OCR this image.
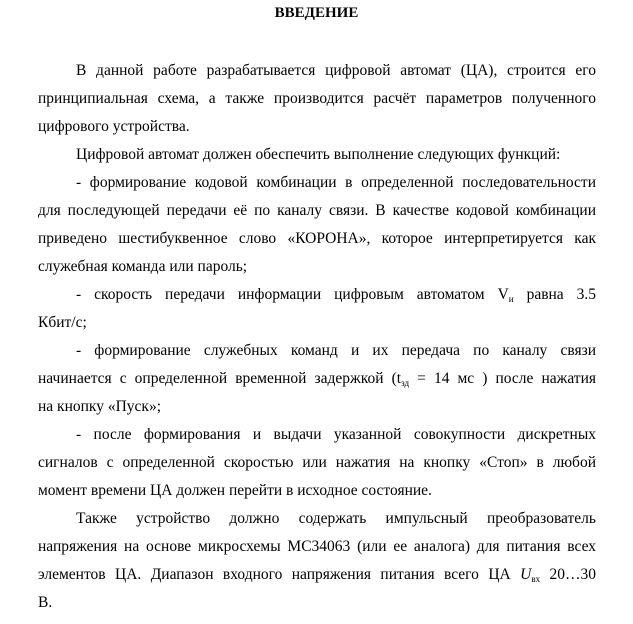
ВВЕДЕНИЕ
В данной работе разрабатывается цифровой автомат (ЦА), строится его
принципиальная схема, а также производится расчёт параметров полученного
цифрового устройства.
Цифровой автомат должен обеспечить выполнение следующих функций:
- формирование кодовой комбинации в определенной последовательности
для последующей передачи её по каналу связи. В качестве кодовой комбинации
приведено шестибуквенное слово «КОРОНА», которое интерпретируется как
служебная команда или пароль;
- скорость передачи информации цифровым автоматом $V_и$ равна 3.5
Кбит/с;
- формирование служебных команд и их передача по каналу связи
начинается с определенной временной задержкой ($t_{зд} = 14$ мс ) после нажатия
на кнопку «Пуск»;
- после формирования и выдачи указанной совокупности дискретных
сигналов с определенной скоростью или нажатия на кнопку «Стоп» в любой
момент времени ЦА должен перейти в исходное состояние.
Также устройство должно содержать импульсный преобразователь
напряжения на основе микросхемы МС34063 (или ее аналога) для питания всех
элементов ЦА. Диапазон входного напряжения питания всего ЦА $U_{вх}$ 20…30
В.
